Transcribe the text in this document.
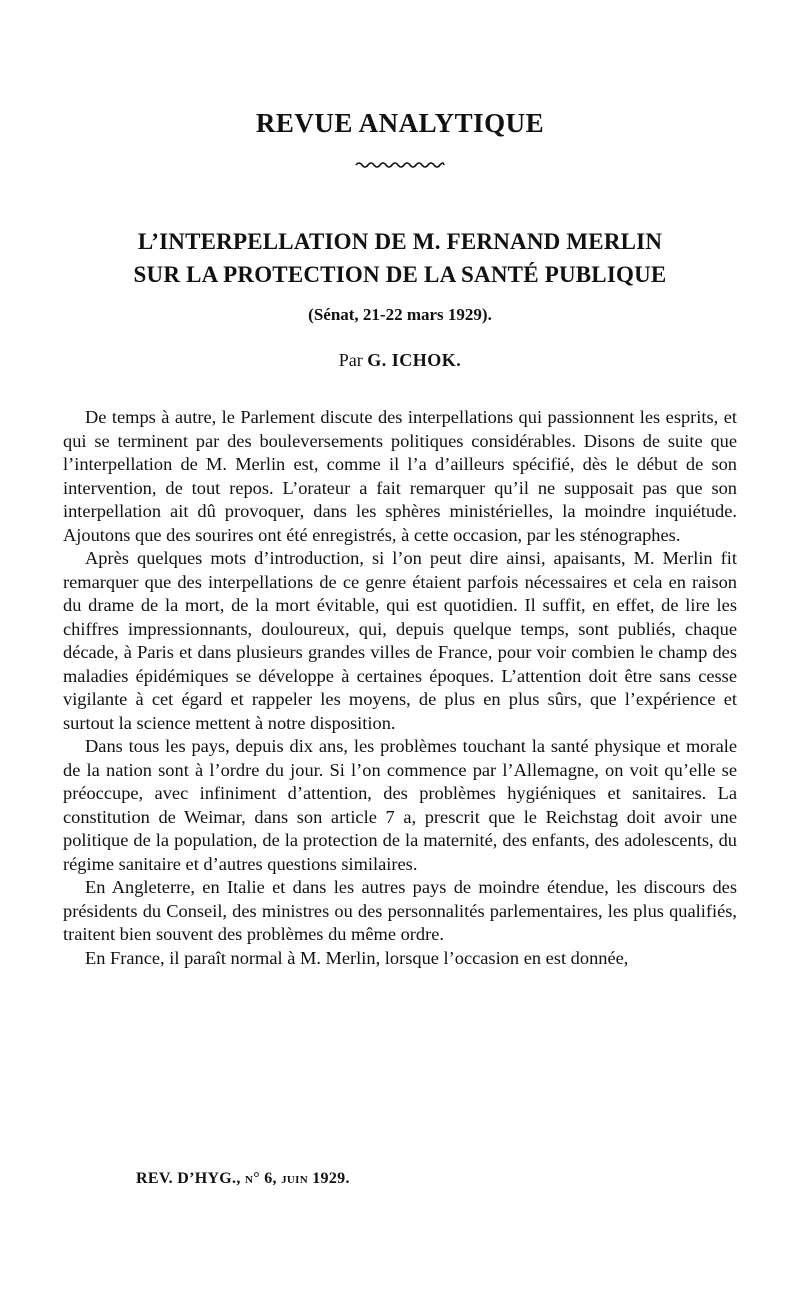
REVUE ANALYTIQUE
L’INTERPELLATION DE M. FERNAND MERLIN
SUR LA PROTECTION DE LA SANTÉ PUBLIQUE
(Sénat, 21-22 mars 1929).
Par G. ICHOK.

De temps à autre, le Parlement discute des interpellations qui passionnent les esprits, et qui se terminent par des bouleversements politiques considérables. Disons de suite que l’interpellation de M. Merlin est, comme il l’a d’ailleurs spécifié, dès le début de son intervention, de tout repos. L’orateur a fait remarquer qu’il ne supposait pas que son interpellation ait dû provoquer, dans les sphères ministérielles, la moindre inquiétude. Ajoutons que des sourires ont été enregistrés, à cette occasion, par les sténographes.

Après quelques mots d’introduction, si l’on peut dire ainsi, apaisants, M. Merlin fit remarquer que des interpellations de ce genre étaient parfois nécessaires et cela en raison du drame de la mort, de la mort évitable, qui est quotidien. Il suffit, en effet, de lire les chiffres impressionnants, douloureux, qui, depuis quelque temps, sont publiés, chaque décade, à Paris et dans plusieurs grandes villes de France, pour voir combien le champ des maladies épidémiques se développe à certaines époques. L’attention doit être sans cesse vigilante à cet égard et rappeler les moyens, de plus en plus sûrs, que l’expérience et surtout la science mettent à notre disposition.

Dans tous les pays, depuis dix ans, les problèmes touchant la santé physique et morale de la nation sont à l’ordre du jour. Si l’on commence par l’Allemagne, on voit qu’elle se préoccupe, avec infiniment d’attention, des problèmes hygiéniques et sanitaires. La constitution de Weimar, dans son article 7 a, prescrit que le Reichstag doit avoir une politique de la population, de la protection de la maternité, des enfants, des adolescents, du régime sanitaire et d’autres questions similaires.

En Angleterre, en Italie et dans les autres pays de moindre étendue, les discours des présidents du Conseil, des ministres ou des personnalités parlementaires, les plus qualifiés, traitent bien souvent des problèmes du même ordre.

En France, il paraît normal à M. Merlin, lorsque l’occasion en est donnée,

REV. D’HYG., n° 6, juin 1929.
